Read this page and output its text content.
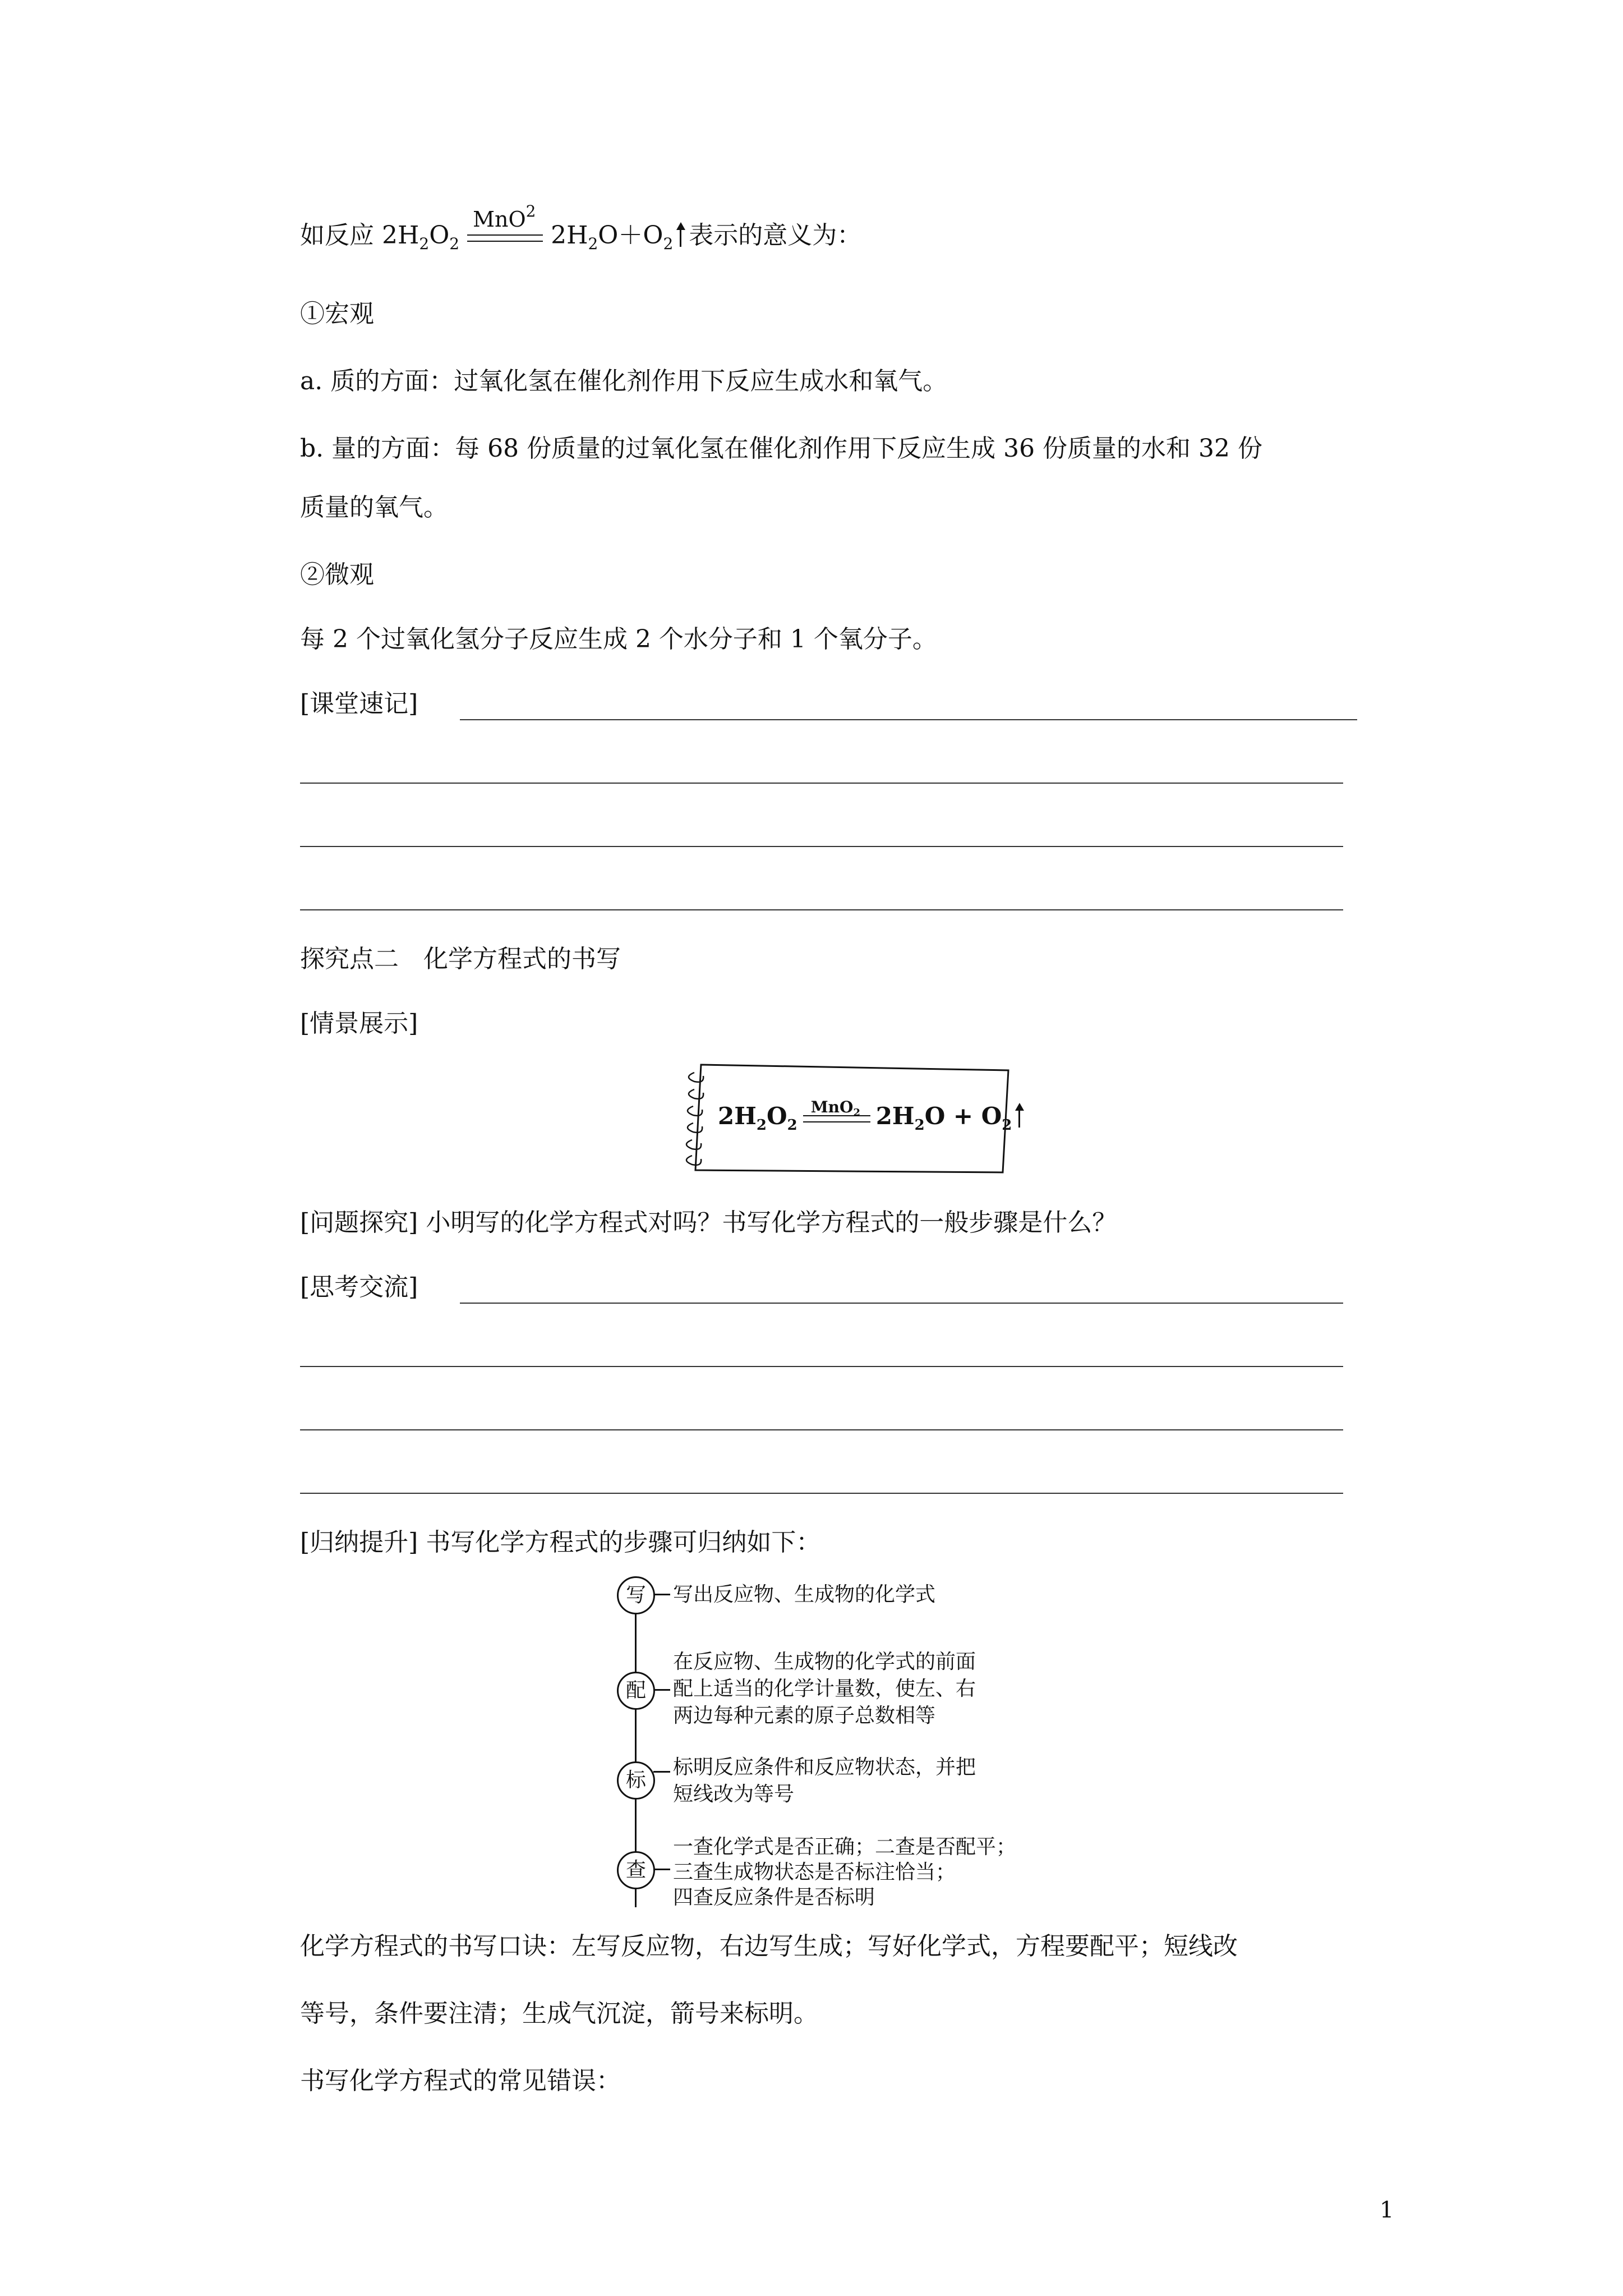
如反应 $2H_2O_2$
MnO$^2$
$2H_2O+O_2$ 表示的意义为：

①宏观

a. 质的方面：过氧化氢在催化剂作用下反应生成水和氧气。

b. 量的方面：每 68 份质量的过氧化氢在催化剂作用下反应生成 36 份质量的水和 32 份

质量的氧气。

②微观

每 2 个过氧化氢分子反应生成 2 个水分子和 1 个氧分子。

[课堂速记]

探究点二　化学方程式的书写

[情景展示]

$2H_2O_2$
MnO$_2$ $2H_2O + O_2$

[问题探究] 小明写的化学方程式对吗？书写化学方程式的一般步骤是什么？

[思考交流]

[归纳提升] 书写化学方程式的步骤可归纳如下：

写	写出反应物、生成物的化学式

配

在反应物、生成物的化学式的前面

配上适当的化学计量数，使左、右

两边每种元素的原子总数相等

标

标明反应条件和反应物状态，并把

短线改为等号

查

一查化学式是否正确；二查是否配平；

三查生成物状态是否标注恰当；

四查反应条件是否标明

化学方程式的书写口诀：左写反应物，右边写生成；写好化学式，方程要配平；短线改

等号，条件要注清；生成气沉淀，箭号来标明。

书写化学方程式的常见错误：

1
